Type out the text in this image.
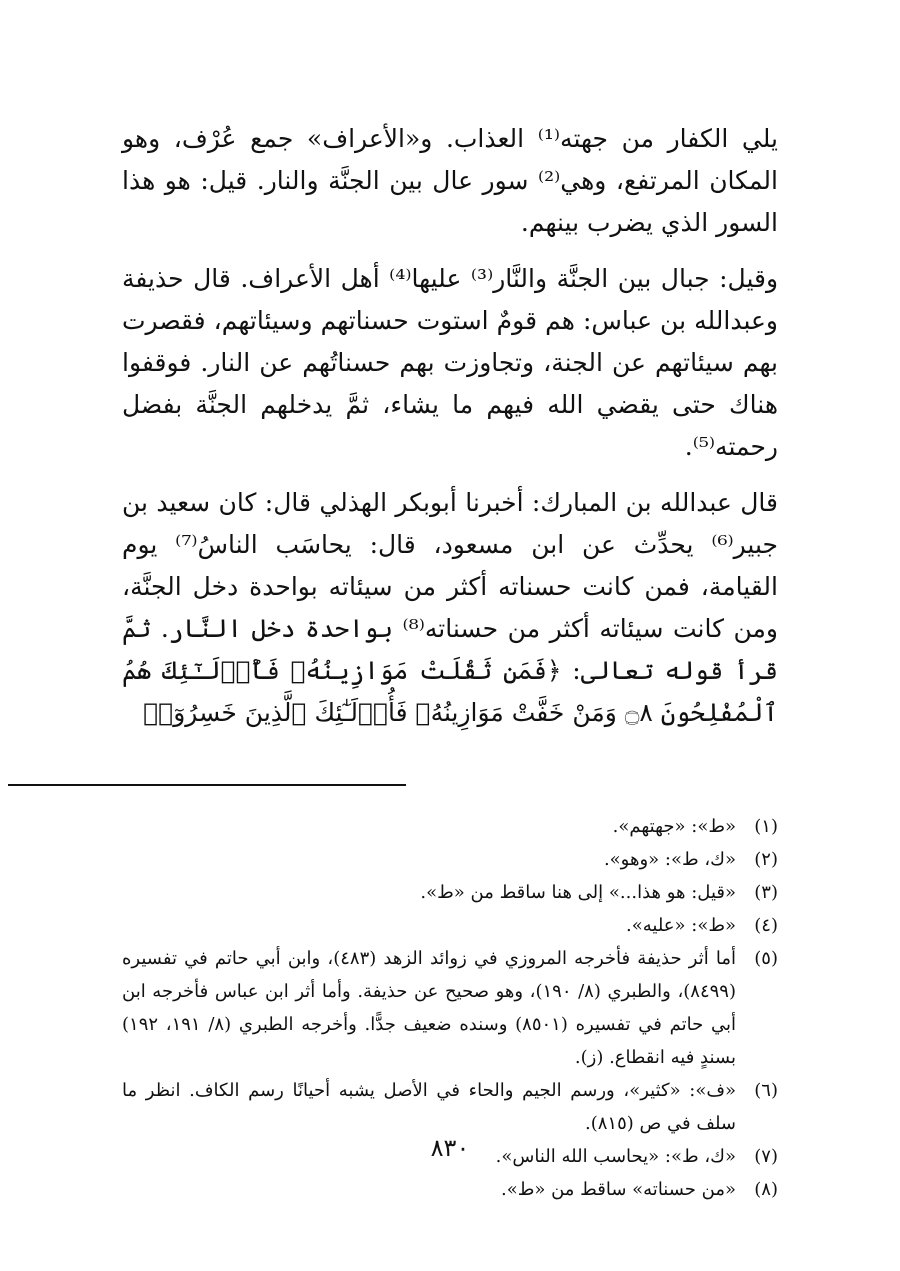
يلي الكفار من جهته⁽¹⁾ العذاب. و«الأعراف» جمع عُرْف، وهو المكان المرتفع، وهي⁽²⁾ سور عال بين الجنَّة والنار. قيل: هو هذا السور الذي يضرب بينهم.

وقيل: جبال بين الجنَّة والنَّار⁽³⁾ عليها⁽⁴⁾ أهل الأعراف. قال حذيفة وعبدالله بن عباس: هم قومٌ استوت حسناتهم وسيئاتهم، فقصرت بهم سيئاتهم عن الجنة، وتجاوزت بهم حسناتُهم عن النار. فوقفوا هناك حتى يقضي الله فيهم ما يشاء، ثمَّ يدخلهم الجنَّة بفضل رحمته⁽⁵⁾.

قال عبدالله بن المبارك: أخبرنا أبوبكر الهذلي قال: كان سعيد بن جبير⁽⁶⁾ يحدِّث عن ابن مسعود، قال: يحاسَب الناسُ⁽⁷⁾ يوم القيامة، فمن كانت حسناته أكثر من سيئاته بواحدة دخل الجنَّة، ومن كانت سيئاته أكثر من حسناته⁽⁸⁾ بواحدة دخل النَّار. ثمَّ قرأ قوله تعالى: ﴿فَمَن ثَقُلَتْ مَوَازِينُهُۥ فَأُو۟لَـٰٓئِكَ هُمُ ٱلْمُفْلِحُونَ ۝٨ وَمَنْ خَفَّتْ مَوَازِينُهُۥ فَأُو۟لَـٰٓئِكَ ٱلَّذِينَ خَسِرُوٓا۟

(١)
«ط»: «جهتهم».
(٢)
«ك، ط»: «وهو».
(٣)
«قيل: هو هذا...» إلى هنا ساقط من «ط».
(٤)
«ط»: «عليه».
(٥)
أما أثر حذيفة فأخرجه المروزي في زوائد الزهد (٤٨٣)، وابن أبي حاتم في تفسيره (٨٤٩٩)، والطبري (٨/ ١٩٠)، وهو صحيح عن حذيفة. وأما أثر ابن عباس فأخرجه ابن أبي حاتم في تفسيره (٨٥٠١) وسنده ضعيف جدًّا. وأخرجه الطبري (٨/ ١٩١، ١٩٢) بسندٍ فيه انقطاع. (ز).
(٦)
«ف»: «كثير»، ورسم الجيم والحاء في الأصل يشبه أحيانًا رسم الكاف. انظر ما سلف في ص (٨١٥).
(٧)
«ك، ط»: «يحاسب الله الناس».
(٨)
«من حسناته» ساقط من «ط».
٨٣٠
